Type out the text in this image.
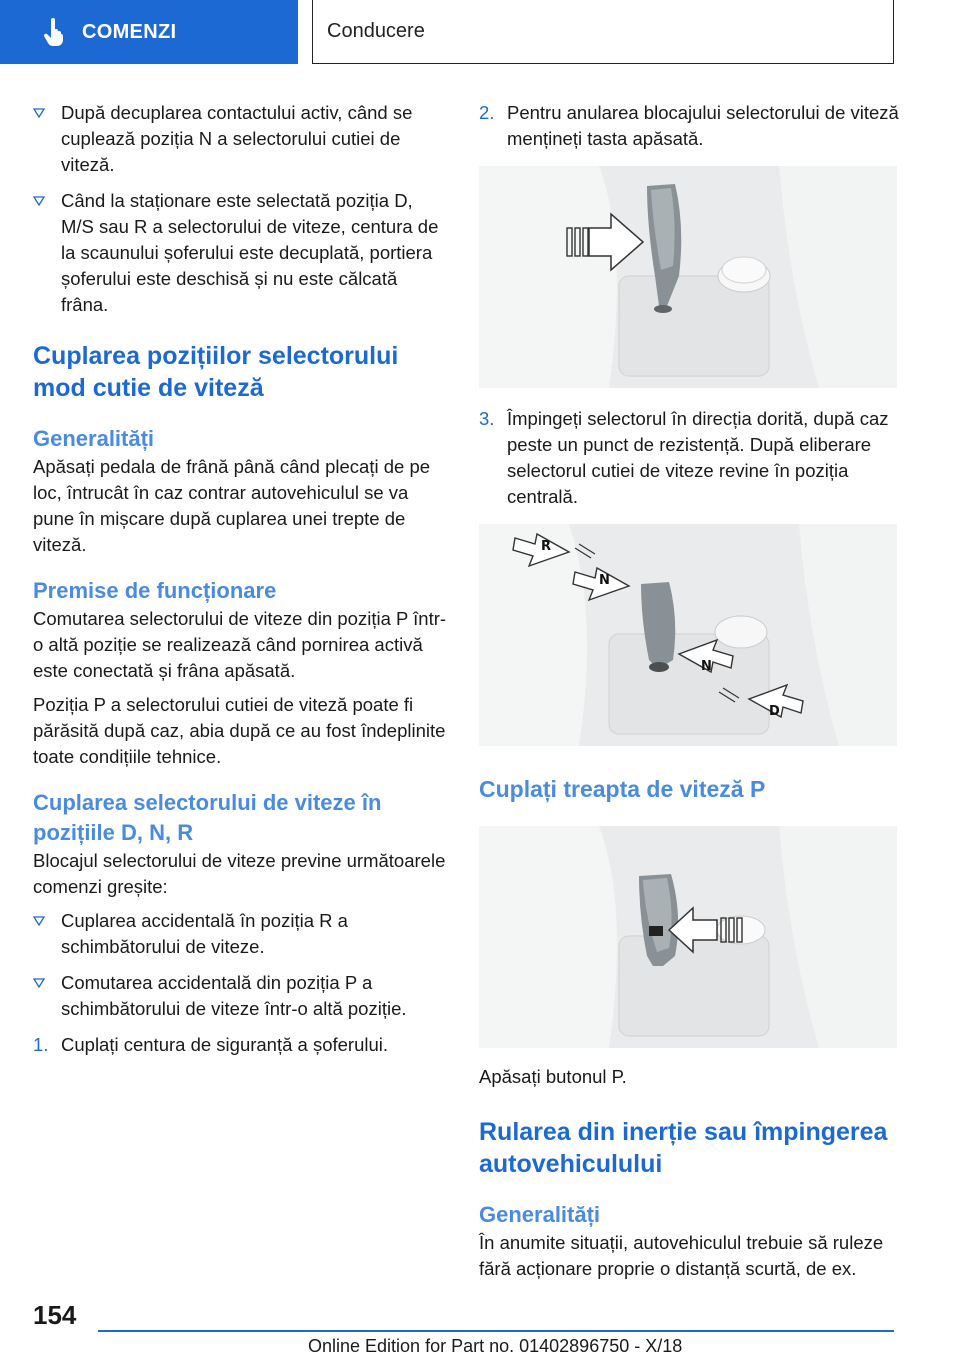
COMENZI	Conducere

După decuplarea contactului activ, când se cuplează poziția N a selectorului cutiei de viteză.

Când la staționare este selectată poziția D, M/S sau R a selectorului de viteze, centura de la scaunului șoferului este decuplată, portiera șoferului este deschisă și nu este călcată frâna.

Cuplarea pozițiilor selectorului mod cutie de viteză
Generalități

Apăsați pedala de frână până când plecați de pe loc, întrucât în caz contrar autovehiculul se va pune în mișcare după cuplarea unei trepte de viteză.

Premise de funcționare

Comutarea selectorului de viteze din poziția P într-o altă poziție se realizează când pornirea activă este conectată și frâna apăsată.

Poziția P a selectorului cutiei de viteză poate fi părăsită după caz, abia după ce au fost îndeplinite toate condițiile tehnice.

Cuplarea selectorului de viteze în pozițiile D, N, R

Blocajul selectorului de viteze previne următoarele comenzi greșite:

Cuplarea accidentală în poziția R a schimbătorului de viteze.

Comutarea accidentală din poziția P a schimbătorului de viteze într-o altă poziție.

1. Cuplați centura de siguranță a șoferului.

2. Pentru anularea blocajului selectorului de viteză mențineți tasta apăsată.

3. Împingeți selectorul în direcția dorită, după caz peste un punct de rezistență. După eliberare selectorul cutiei de viteze revine în poziția centrală.

R
N
N
D
Cuplați treapta de viteză P

Apăsați butonul P.

Rularea din inerție sau împingerea autovehiculului
Generalități

În anumite situații, autovehiculul trebuie să ruleze fără acționare proprie o distanță scurtă, de ex.

154
Online Edition for Part no. 01402896750 - X/18
